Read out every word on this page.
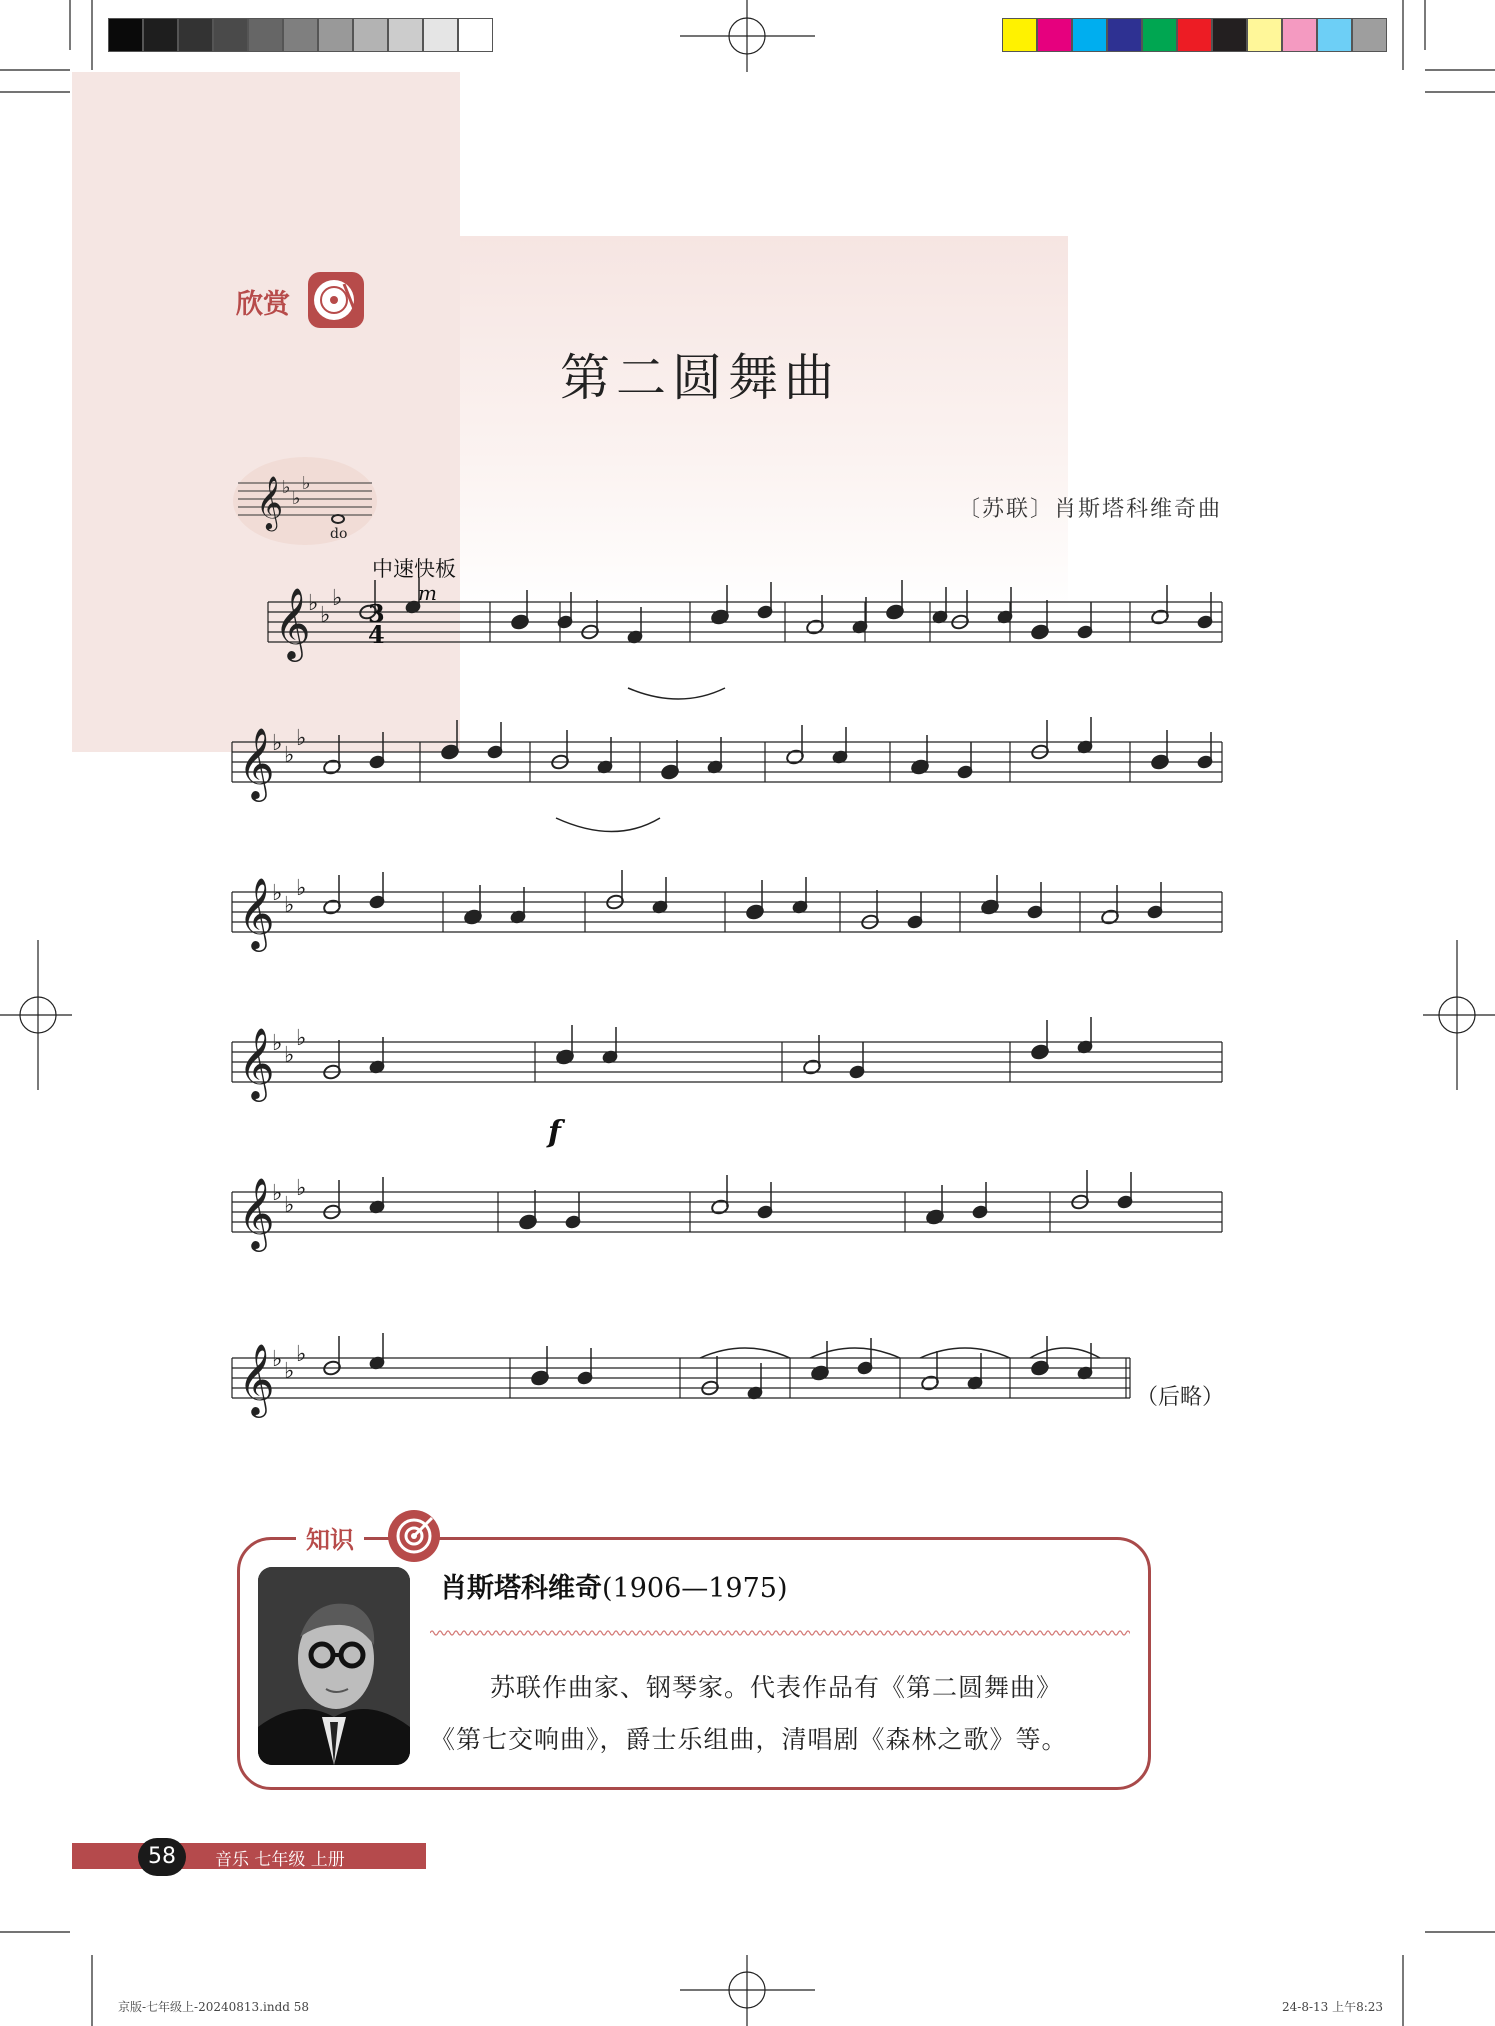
欣赏
第二圆舞曲
𝄞
♭
♭
♭
do
〔苏联〕肖斯塔科维奇曲
中速快板
𝄞
♭ ♭
♭
𝄞
♭ ♭
♭
𝄞
♭ ♭
♭
𝄞
♭ ♭
♭
𝄞
♭ ♭
♭
𝄞
♭ ♭
♭
3
4
m
f
（后略）
知识
肖斯塔科维奇(1906—1975)
苏联作曲家、钢琴家。代表作品有《第二圆舞曲》
《第七交响曲》，爵士乐组曲，清唱剧《森林之歌》等。
58	音乐 七年级 上册
京版-七年级上-20240813.indd 58	24-8-13 上午8:23
